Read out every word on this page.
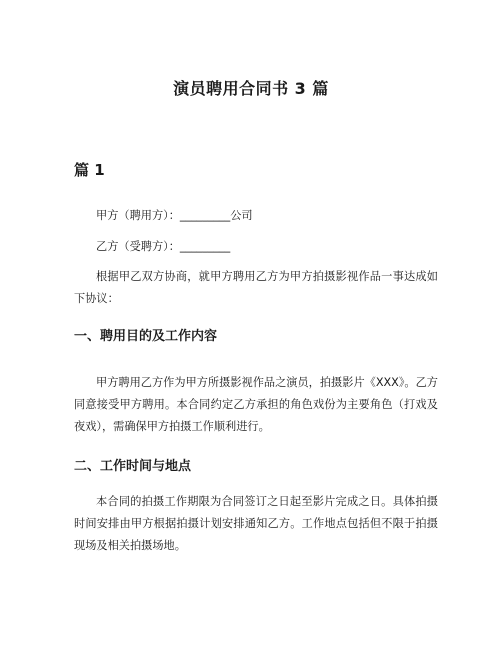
演员聘用合同书 3 篇
篇 1

甲方（聘用方）：_________公司

乙方（受聘方）：_________

根据甲乙双方协商，就甲方聘用乙方为甲方拍摄影视作品一事达成如下协议：

一、聘用目的及工作内容

甲方聘用乙方作为甲方所摄影视作品之演员，拍摄影片《XXX》。乙方同意接受甲方聘用。本合同约定乙方承担的角色戏份为主要角色（打戏及夜戏），需确保甲方拍摄工作顺利进行。

二、工作时间与地点

本合同的拍摄工作期限为合同签订之日起至影片完成之日。具体拍摄时间安排由甲方根据拍摄计划安排通知乙方。工作地点包括但不限于拍摄现场及相关拍摄场地。
